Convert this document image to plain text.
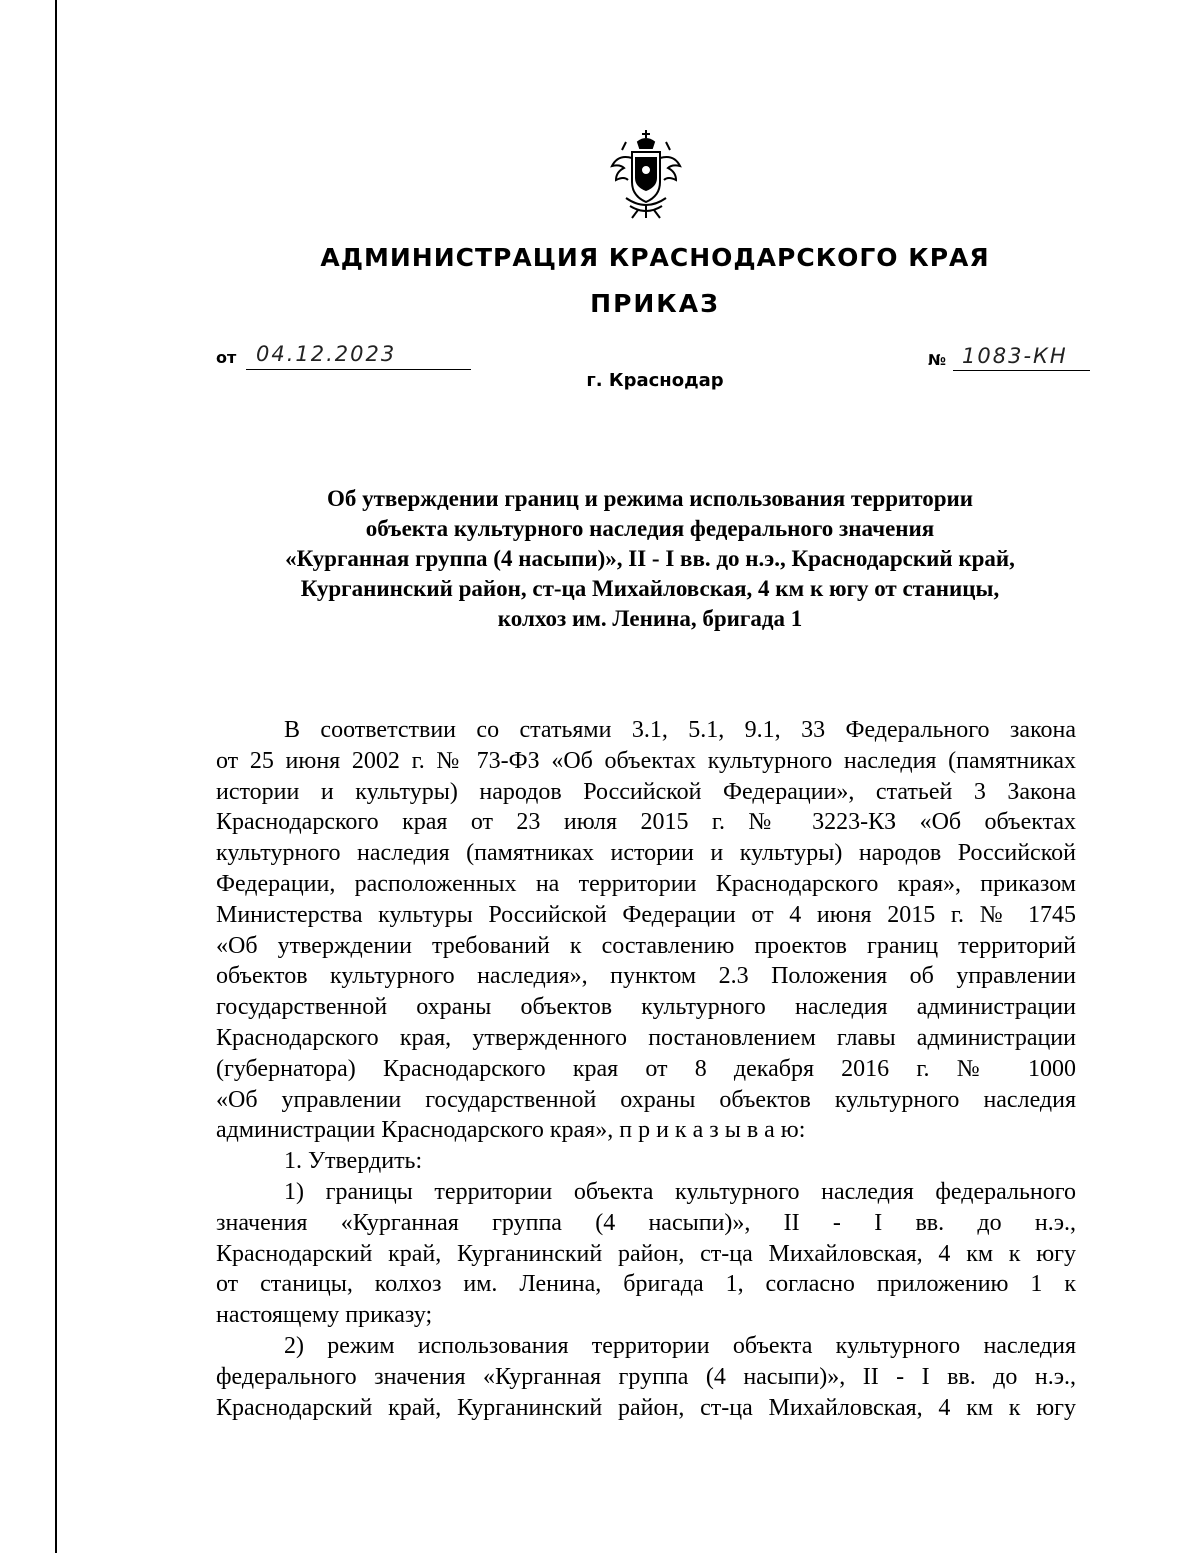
АДМИНИСТРАЦИЯ КРАСНОДАРСКОГО КРАЯ
ПРИКАЗ
от 04.12.2023	№ 1083-КН
г. Краснодар
Об утверждении границ и режима использования территории
объекта культурного наследия федерального значения
«Курганная группа (4 насыпи)», II - I вв. до н.э., Краснодарский край,
Курганинский район, ст-ца Михайловская, 4 км к югу от станицы,
колхоз им. Ленина, бригада 1
В соответствии со статьями 3.1, 5.1, 9.1, 33 Федерального закона
от 25 июня 2002 г. № 73-ФЗ «Об объектах культурного наследия (памятниках
истории и культуры) народов Российской Федерации», статьей 3 Закона
Краснодарского края от 23 июля 2015 г. № 3223-КЗ «Об объектах
культурного наследия (памятниках истории и культуры) народов Российской
Федерации, расположенных на территории Краснодарского края», приказом
Министерства культуры Российской Федерации от 4 июня 2015 г. № 1745
«Об утверждении требований к составлению проектов границ территорий
объектов культурного наследия», пунктом 2.3 Положения об управлении
государственной охраны объектов культурного наследия администрации
Краснодарского края, утвержденного постановлением главы администрации
(губернатора) Краснодарского края от 8 декабря 2016 г. № 1000
«Об управлении государственной охраны объектов культурного наследия
администрации Краснодарского края», п р и к а з ы в а ю:
1. Утвердить:
1) границы территории объекта культурного наследия федерального
значения «Курганная группа (4 насыпи)», II - I вв. до н.э.,
Краснодарский край, Курганинский район, ст-ца Михайловская, 4 км к югу
от станицы, колхоз им. Ленина, бригада 1, согласно приложению 1 к
настоящему приказу;
2) режим использования территории объекта культурного наследия
федерального значения «Курганная группа (4 насыпи)», II - I вв. до н.э.,
Краснодарский край, Курганинский район, ст-ца Михайловская, 4 км к югу
